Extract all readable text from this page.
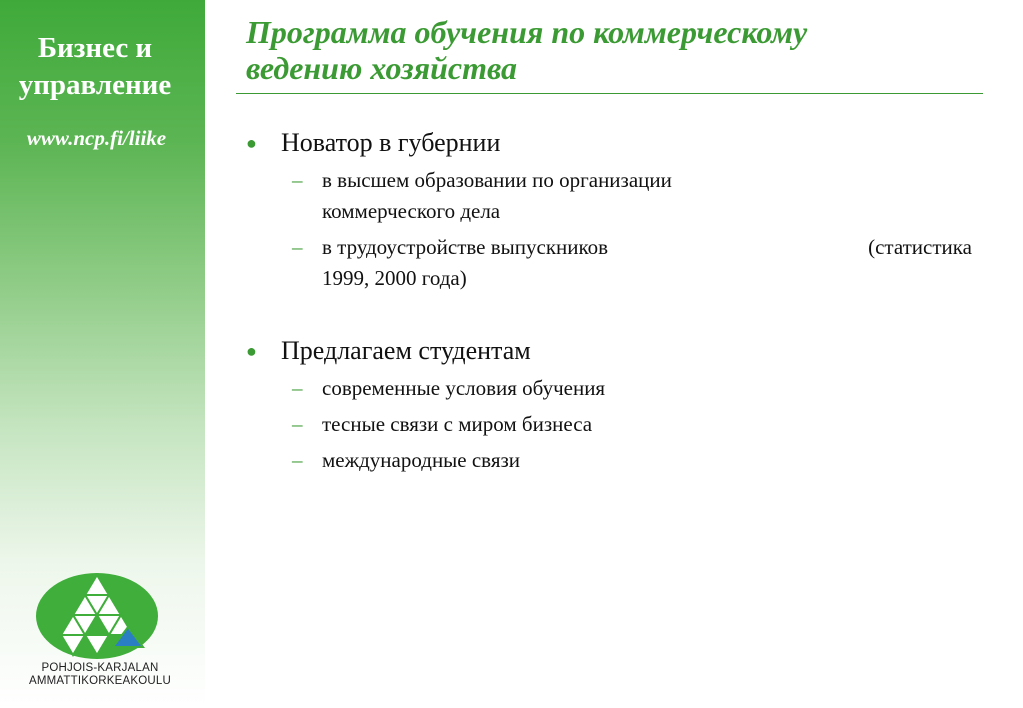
Бизнес и
управление
www.ncp.fi/liike
POHJOIS-KARJALAN
AMMATTIKORKEAKOULU
Программа обучения по коммерческому
ведению хозяйства
● Новатор в губернии
– в высшем образовании по организации
коммерческого дела
– в трудоустройстве выпускников	(статистика
1999, 2000 года)
● Предлагаем студентам
– современные условия обучения
– тесные связи с миром бизнеса
– международные связи
